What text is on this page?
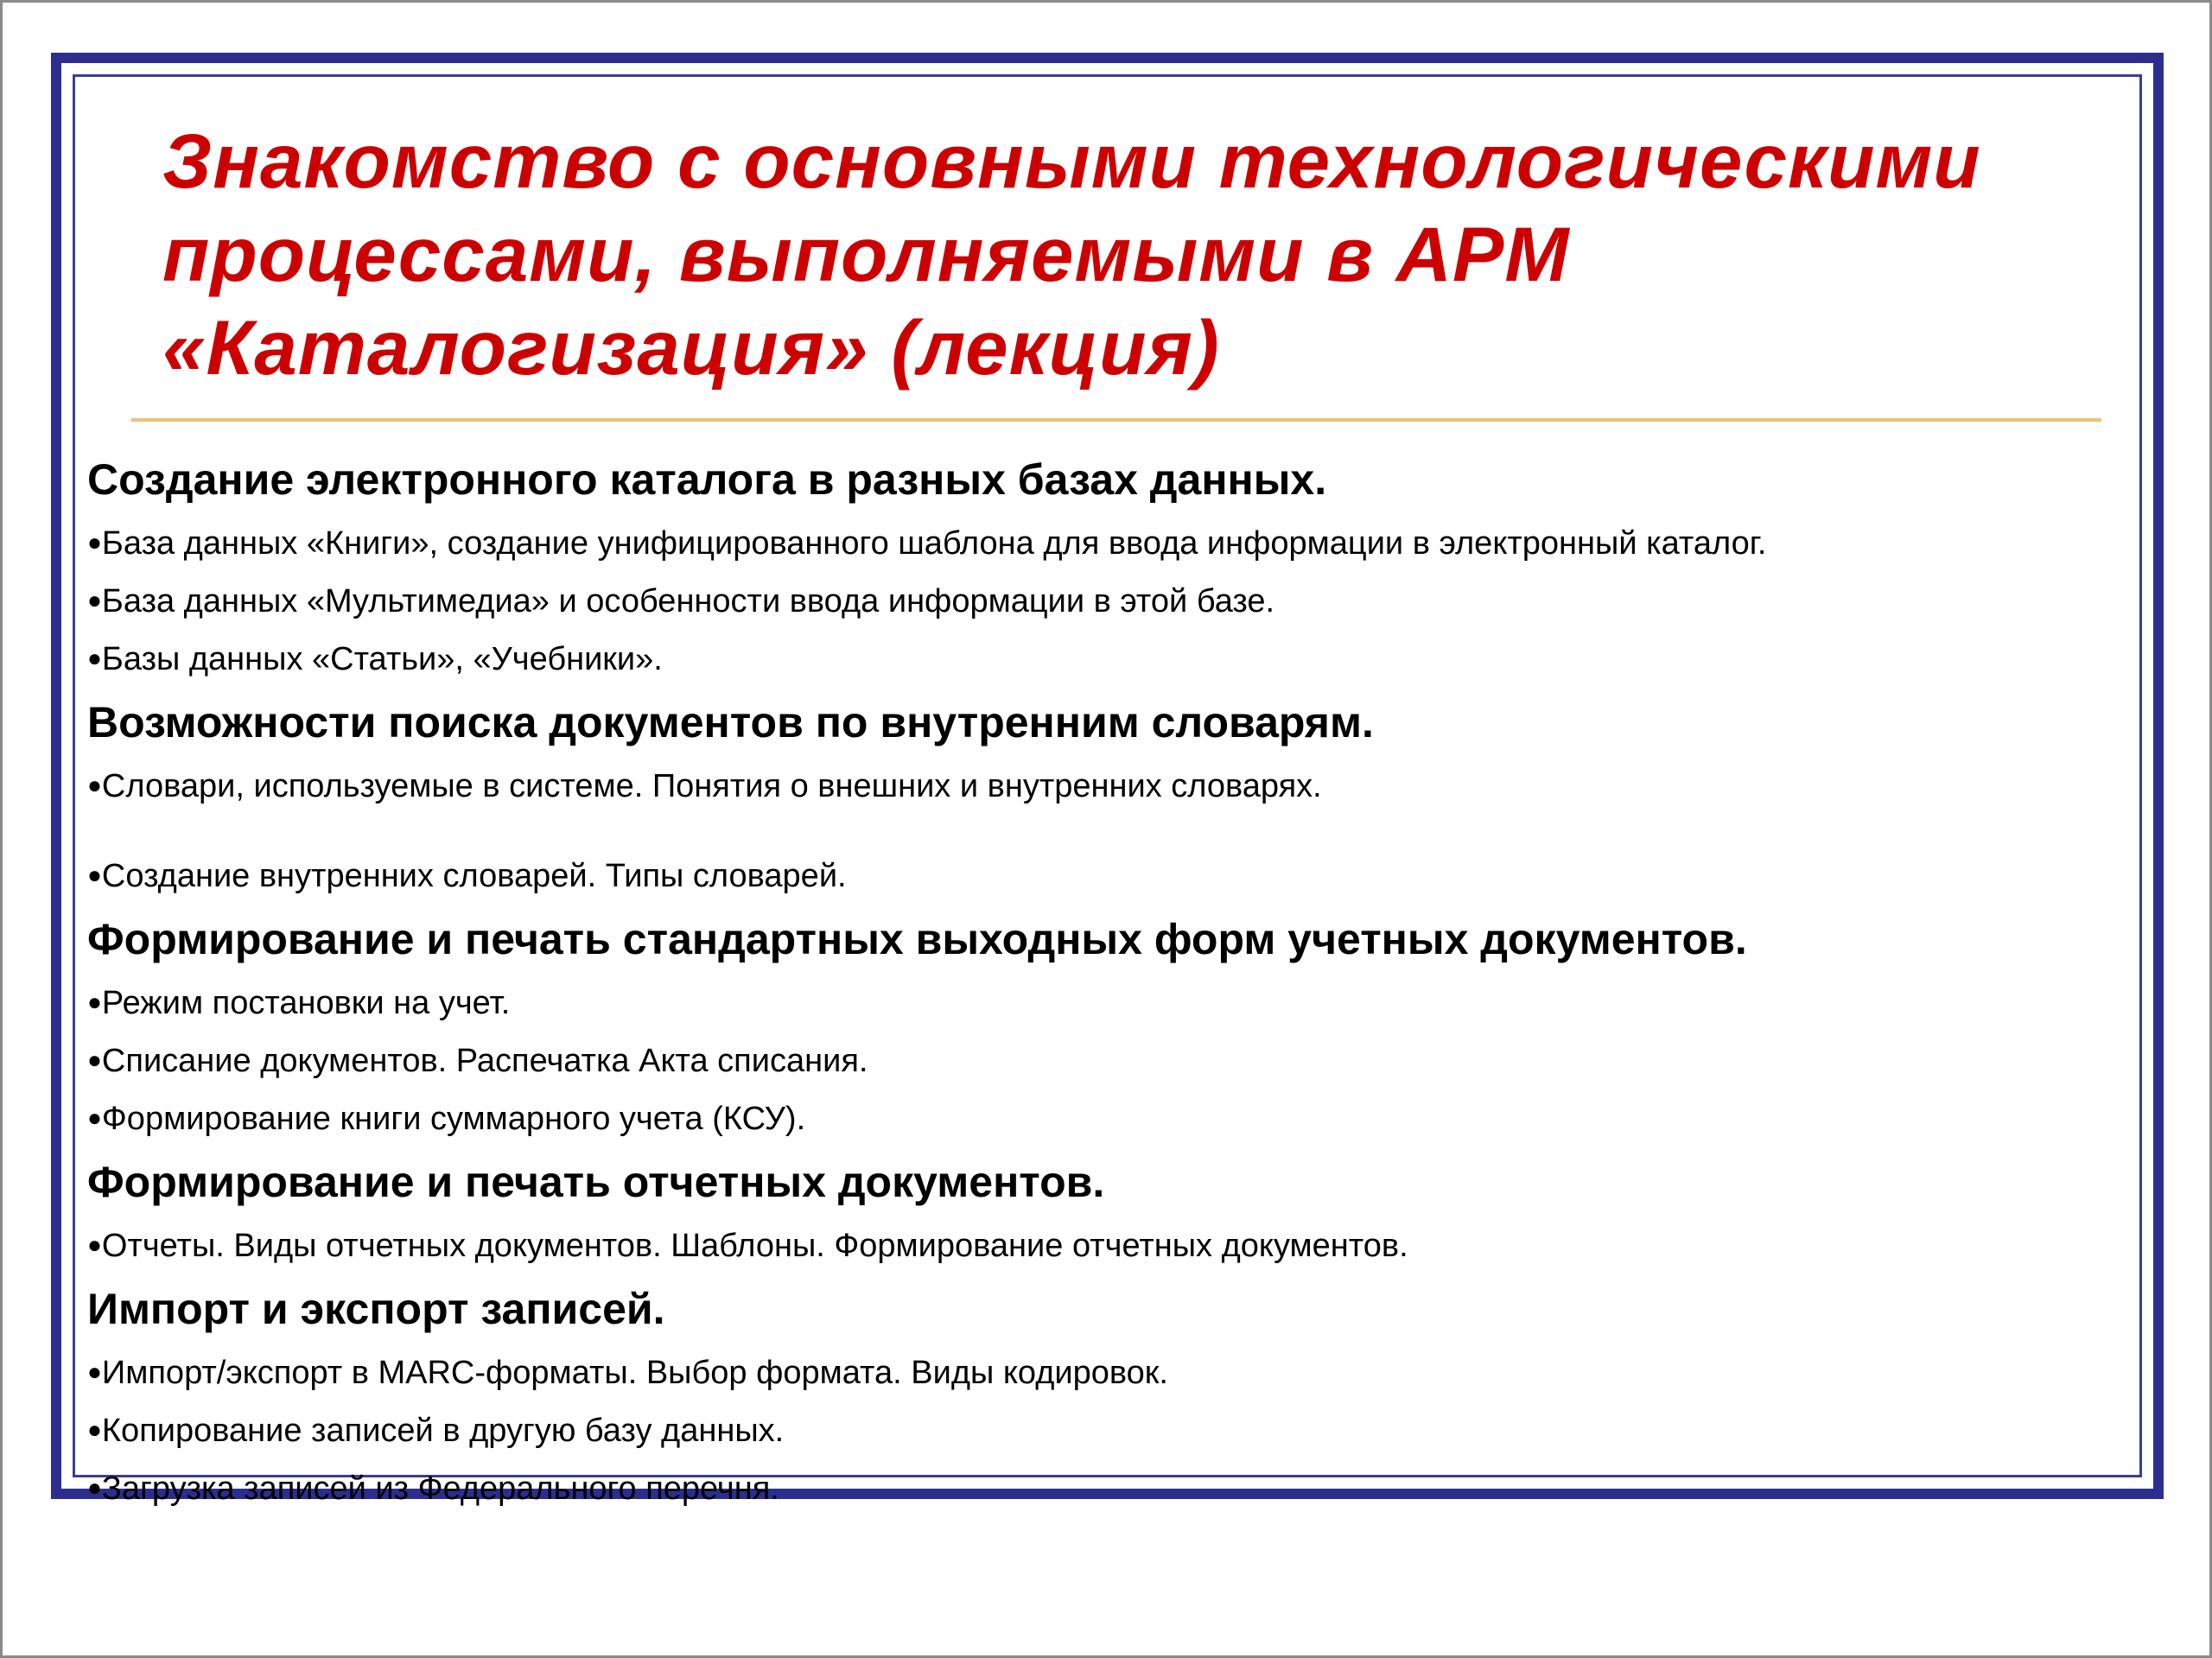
Знакомство с основными технологическими
процессами, выполняемыми в АРМ
«Каталогизация» (лекция)
Создание электронного каталога в разных базах данных.
●База данных «Книги», создание унифицированного шаблона для ввода информации в электронный каталог.
●База данных «Мультимедиа» и особенности ввода информации в этой базе.
●Базы данных «Статьи», «Учебники».
Возможности поиска документов по внутренним словарям.
●Словари, используемые в системе. Понятия о внешних и внутренних словарях.
●Создание внутренних словарей. Типы словарей.
Формирование и печать стандартных выходных форм учетных документов.
●Режим постановки на учет.
●Списание документов. Распечатка Акта списания.
●Формирование книги суммарного учета (КСУ).
Формирование и печать отчетных документов.
●Отчеты. Виды отчетных документов. Шаблоны. Формирование отчетных документов.
Импорт и экспорт записей.
●Импорт/экспорт в MARC-форматы. Выбор формата. Виды кодировок.
●Копирование записей в другую базу данных.
●Загрузка записей из Федерального перечня.
